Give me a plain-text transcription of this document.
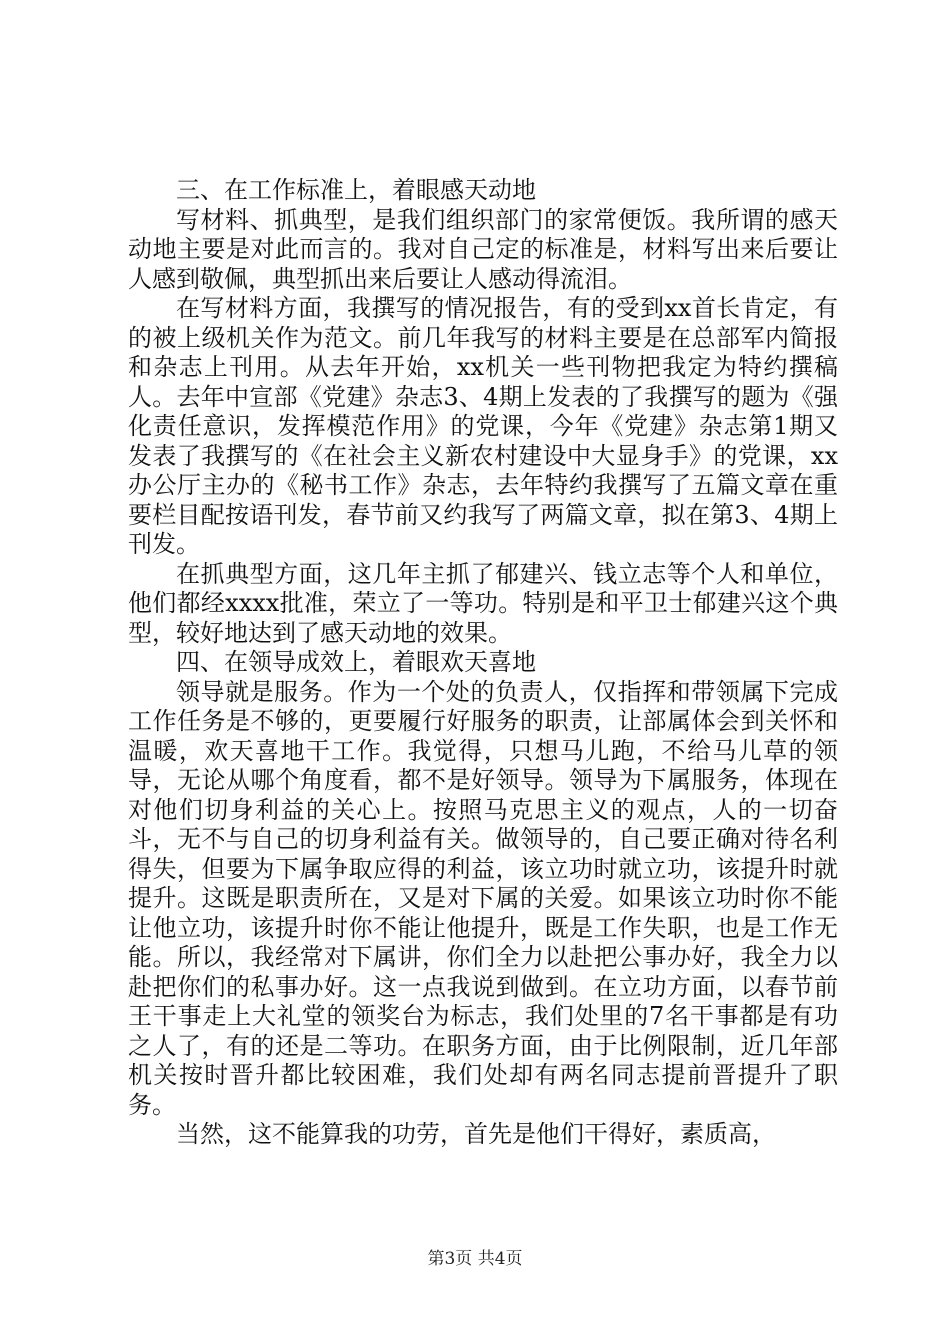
三、在工作标准上，着眼感天动地

写材料、抓典型，是我们组织部门的家常便饭。我所谓的感天动地主要是对此而言的。我对自己定的标准是，材料写出来后要让人感到敬佩，典型抓出来后要让人感动得流泪。

在写材料方面，我撰写的情况报告，有的受到xx首长肯定，有的被上级机关作为范文。前几年我写的材料主要是在总部军内简报和杂志上刊用。从去年开始，xx机关一些刊物把我定为特约撰稿人。去年中宣部《党建》杂志3、4期上发表的了我撰写的题为《强化责任意识，发挥模范作用》的党课，今年《党建》杂志第1期又发表了我撰写的《在社会主义新农村建设中大显身手》的党课，xx办公厅主办的《秘书工作》杂志，去年特约我撰写了五篇文章在重要栏目配按语刊发，春节前又约我写了两篇文章，拟在第3、4期上刊发。

在抓典型方面，这几年主抓了郁建兴、钱立志等个人和单位，他们都经xxxx批准，荣立了一等功。特别是和平卫士郁建兴这个典型，较好地达到了感天动地的效果。

四、在领导成效上，着眼欢天喜地

领导就是服务。作为一个处的负责人，仅指挥和带领属下完成工作任务是不够的，更要履行好服务的职责，让部属体会到关怀和温暖，欢天喜地干工作。我觉得，只想马儿跑，不给马儿草的领导，无论从哪个角度看，都不是好领导。领导为下属服务，体现在对他们切身利益的关心上。按照马克思主义的观点，人的一切奋斗，无不与自己的切身利益有关。做领导的，自己要正确对待名利得失，但要为下属争取应得的利益，该立功时就立功，该提升时就提升。这既是职责所在，又是对下属的关爱。如果该立功时你不能让他立功，该提升时你不能让他提升，既是工作失职，也是工作无能。所以，我经常对下属讲，你们全力以赴把公事办好，我全力以赴把你们的私事办好。这一点我说到做到。在立功方面，以春节前王干事走上大礼堂的领奖台为标志，我们处里的7名干事都是有功之人了，有的还是二等功。在职务方面，由于比例限制，近几年部机关按时晋升都比较困难，我们处却有两名同志提前晋提升了职务。

当然，这不能算我的功劳，首先是他们干得好，素质高，

第3页 共4页
